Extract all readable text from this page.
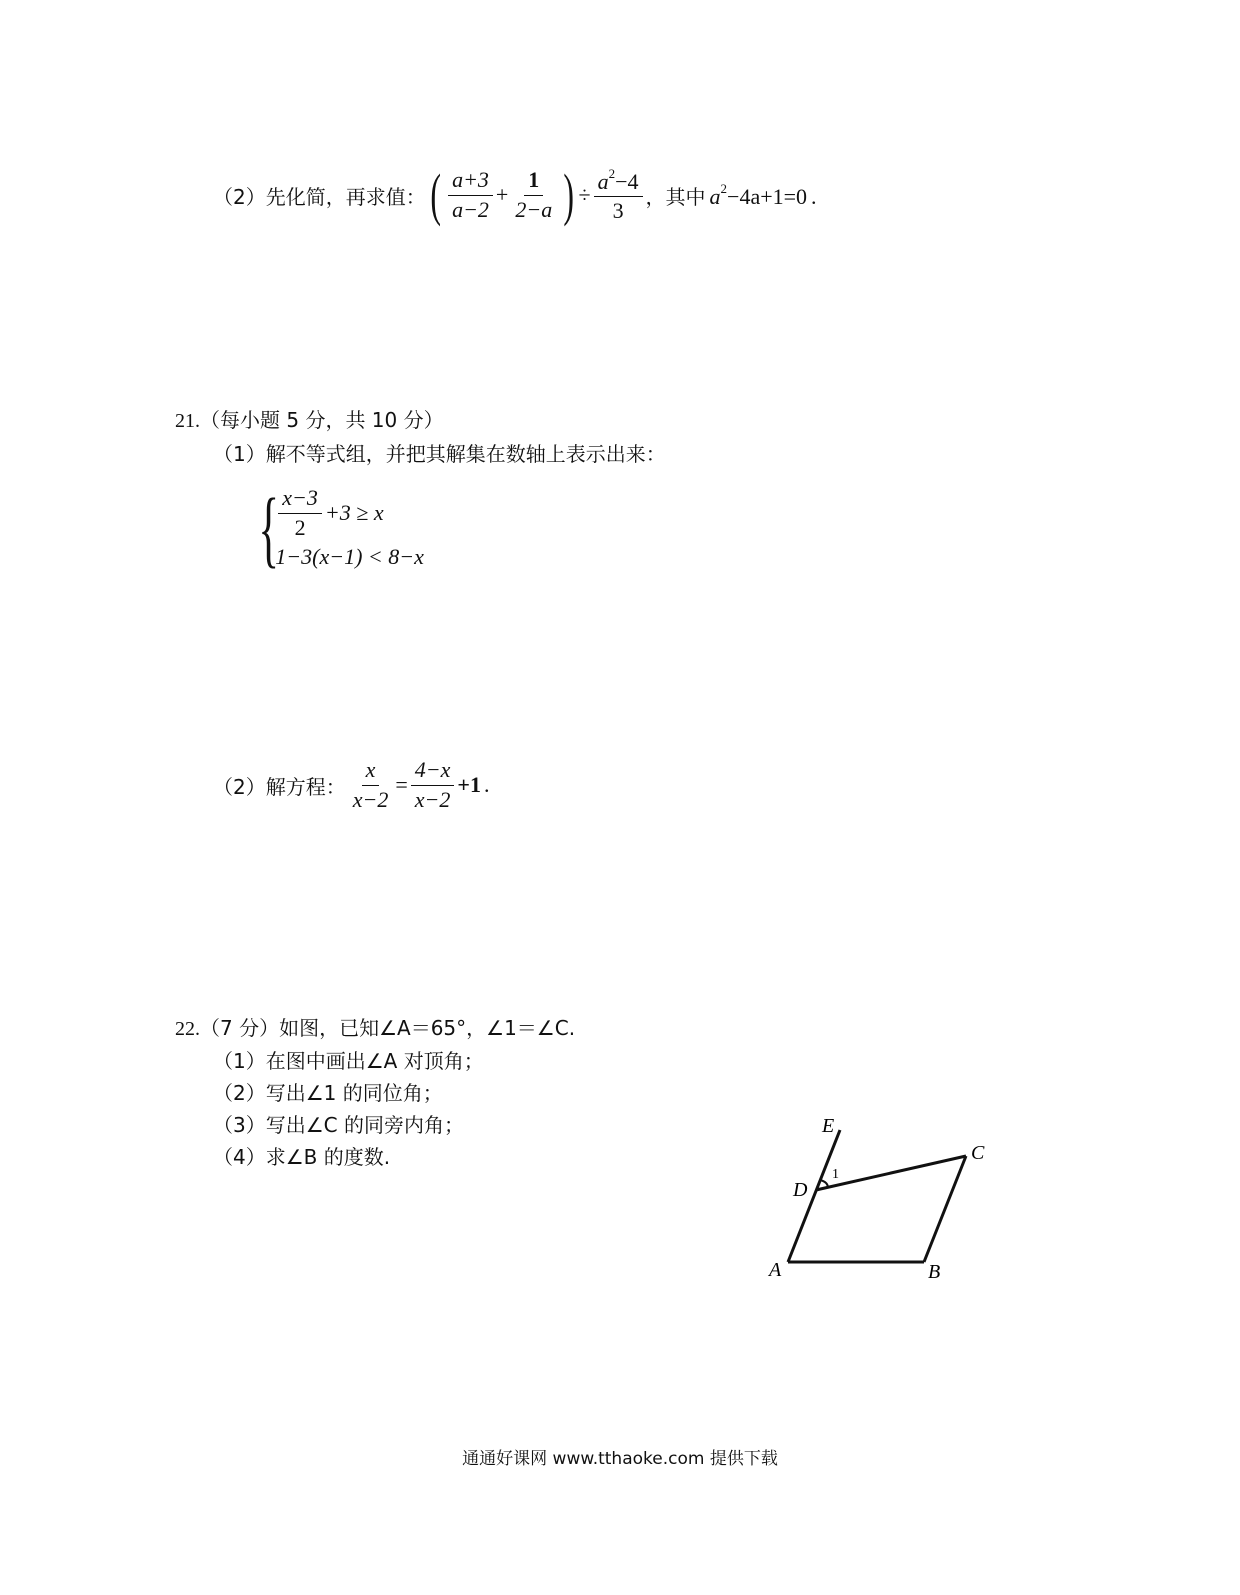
（2）先化简，再求值： ( $\frac{a+3}{a-2} + \frac{1}{2-a}$ ) ÷ $\frac{a^2-4}{3}$ ，其中 $a^2-4a+1=0$ .
21.（每小题 5 分，共 10 分）
（1）解不等式组，并把其解集在数轴上表示出来：
{ $\frac{x-3}{2} +3 \ge x$
1−3(x−1) < 8−x
（2）解方程： $\frac{x}{x-2} = \frac{4-x}{x-2} +1$ .
22.（7 分）如图，已知∠A＝65°，∠1＝∠C.
（1）在图中画出∠A 对顶角；
（2）写出∠1 的同位角；
（3）写出∠C 的同旁内角；
（4）求∠B 的度数.
E
C
D
1
A	B
通通好课网 www.tthaoke.com 提供下载
